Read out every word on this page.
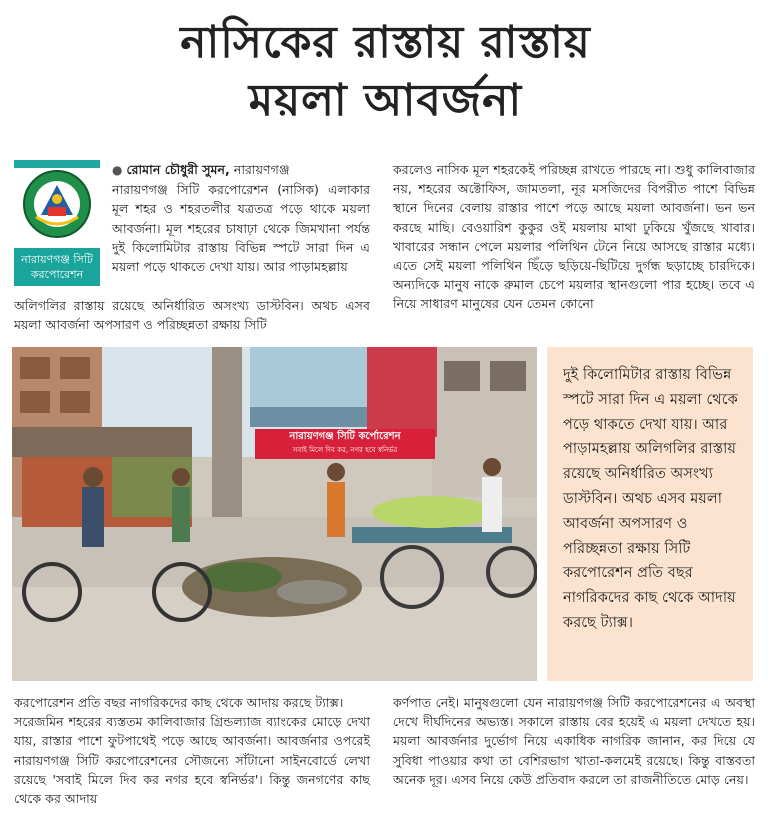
নাসিকের রাস্তায় রাস্তায়
ময়লা আবর্জনা
নারায়ণগঞ্জ সিটি
করপোরেশন

● রোমান চৌধুরী সুমন, নারায়ণগঞ্জ

নারায়ণগঞ্জ সিটি করপোরেশন (নাসিক) এলাকার মূল শহর ও শহরতলীর যত্রতত্র পড়ে থাকে ময়লা আবর্জনা। মূল শহরের চাষাঢ়া থেকে জিমখানা পর্যন্ত দুই কিলোমিটার রাস্তায় বিভিন্ন স্পটে সারা দিন এ ময়লা পড়ে থাকতে দেখা যায়। আর পাড়ামহল্লায়

অলিগলির রাস্তায় রয়েছে অনির্ধারিত অসংখ্য ডাস্টবিন। অথচ এসব ময়লা আবর্জনা অপসারণ ও পরিচ্ছন্নতা রক্ষায় সিটি

করলেও নাসিক মূল শহরকেই পরিচ্ছন্ন রাখতে পারছে না। শুধু কালিবাজার নয়, শহরের অক্টোফিস, জামতলা, নূর মসজিদের বিপরীত পাশে বিভিন্ন স্থানে দিনের বেলায় রাস্তার পাশে পড়ে আছে ময়লা আবর্জনা। ভন ভন করছে মাছি। বেওয়ারিশ কুকুর ওই ময়লায় মাথা ঢুকিয়ে খুঁজছে খাবার। খাবারের সন্ধান পেলে ময়লার পলিথিন টেনে নিয়ে আসছে রাস্তার মধ্যে। এতে সেই ময়লা পলিথিন ছিঁড়ে ছড়িয়ে-ছিটিয়ে দুর্গন্ধ ছড়াচ্ছে চারদিকে। অন্যদিকে মানুষ নাকে রুমাল চেপে ময়লার স্থানগুলো পার হচ্ছে। তবে এ নিয়ে সাধারণ মানুষের যেন তেমন কোনো

নারায়ণগঞ্জ সিটি কর্পোরেশন
সবাই মিলে দিব কর, নগর হবে স্বনির্ভর
দুই কিলোমিটার রাস্তায় বিভিন্ন স্পটে সারা দিন এ ময়লা থেকে পড়ে থাকতে দেখা যায়। আর পাড়ামহল্লায় অলিগলির রাস্তায় রয়েছে অনির্ধারিত অসংখ্য ডাস্টবিন। অথচ এসব ময়লা আবর্জনা অপসারণ ও পরিচ্ছন্নতা রক্ষায় সিটি করপোরেশন প্রতি বছর নাগরিকদের কাছ থেকে আদায় করছে ট্যাক্স।

করপোরেশন প্রতি বছর নাগরিকদের কাছ থেকে আদায় করছে ট্যাক্স।

সরেজমিন শহরের ব্যস্ততম কালিবাজার গ্রিন্ডল্যাজ ব্যাংকের মোড়ে দেখা যায়, রাস্তার পাশে ফুটপাথেই পড়ে আছে আবর্জনা। আবর্জনার ওপরেই নারায়ণগঞ্জ সিটি করপোরেশনের সৌজন্যে সাঁটানো সাইনবোর্ডে লেখা রয়েছে 'সবাই মিলে দিব কর নগর হবে স্বনির্ভর'। কিন্তু জনগণের কাছ থেকে কর আদায়

কর্ণপাত নেই। মানুষগুলো যেন নারায়ণগঞ্জ সিটি করপোরেশনের এ অবস্থা দেখে দীর্ঘদিনের অভ্যস্ত। সকালে রাস্তায় বের হয়েই এ ময়লা দেখতে হয়। ময়লা আবর্জনার দুর্ভোগ নিয়ে একাধিক নাগরিক জানান, কর দিয়ে যে সুবিধা পাওয়ার কথা তা বেশিরভাগ খাতা-কলমেই রয়েছে। কিন্তু বাস্তবতা অনেক দূর। এসব নিয়ে কেউ প্রতিবাদ করলে তা রাজনীতিতে মোড় নেয়।
